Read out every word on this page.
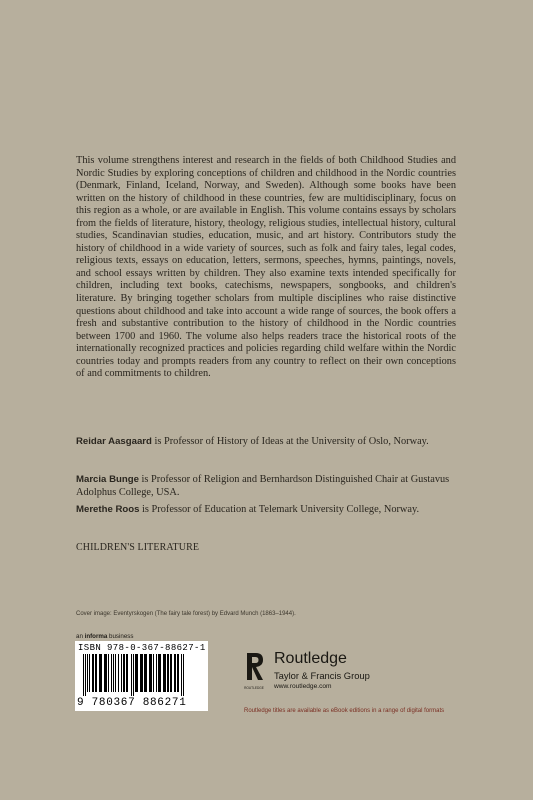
This volume strengthens interest and research in the fields of both Childhood Studies and Nordic Studies by exploring conceptions of children and childhood in the Nordic countries (Denmark, Finland, Iceland, Norway, and Sweden). Although some books have been written on the history of childhood in these countries, few are multidisciplinary, focus on this region as a whole, or are available in English. This volume contains essays by scholars from the fields of literature, history, theology, religious studies, intellectual history, cultural studies, Scandinavian studies, education, music, and art history. Contributors study the history of childhood in a wide variety of sources, such as folk and fairy tales, legal codes, religious texts, essays on education, letters, sermons, speeches, hymns, paintings, novels, and school essays written by children. They also examine texts intended specifically for children, including text books, catechisms, newspapers, songbooks, and children's literature. By bringing together scholars from multiple disciplines who raise distinctive questions about childhood and take into account a wide range of sources, the book offers a fresh and substantive contribution to the history of childhood in the Nordic countries between 1700 and 1960. The volume also helps readers trace the historical roots of the internationally recognized practices and policies regarding child welfare within the Nordic countries today and prompts readers from any country to reflect on their own conceptions of and commitments to children.

Reidar Aasgaard is Professor of History of Ideas at the University of Oslo, Norway.

Marcia Bunge is Professor of Religion and Bernhardson Distinguished Chair at Gustavus Adolphus College, USA.

Merethe Roos is Professor of Education at Telemark University College, Norway.

CHILDREN'S LITERATURE
Cover image: Eventyrskogen (The fairy tale forest) by Edvard Munch (1863–1944).
an informa business
ISBN 978-0-367-88627-1
9 780367 886271
ROUTLEDGE
Routledge
Taylor & Francis Group
www.routledge.com
Routledge titles are available as eBook editions in a range of digital formats
